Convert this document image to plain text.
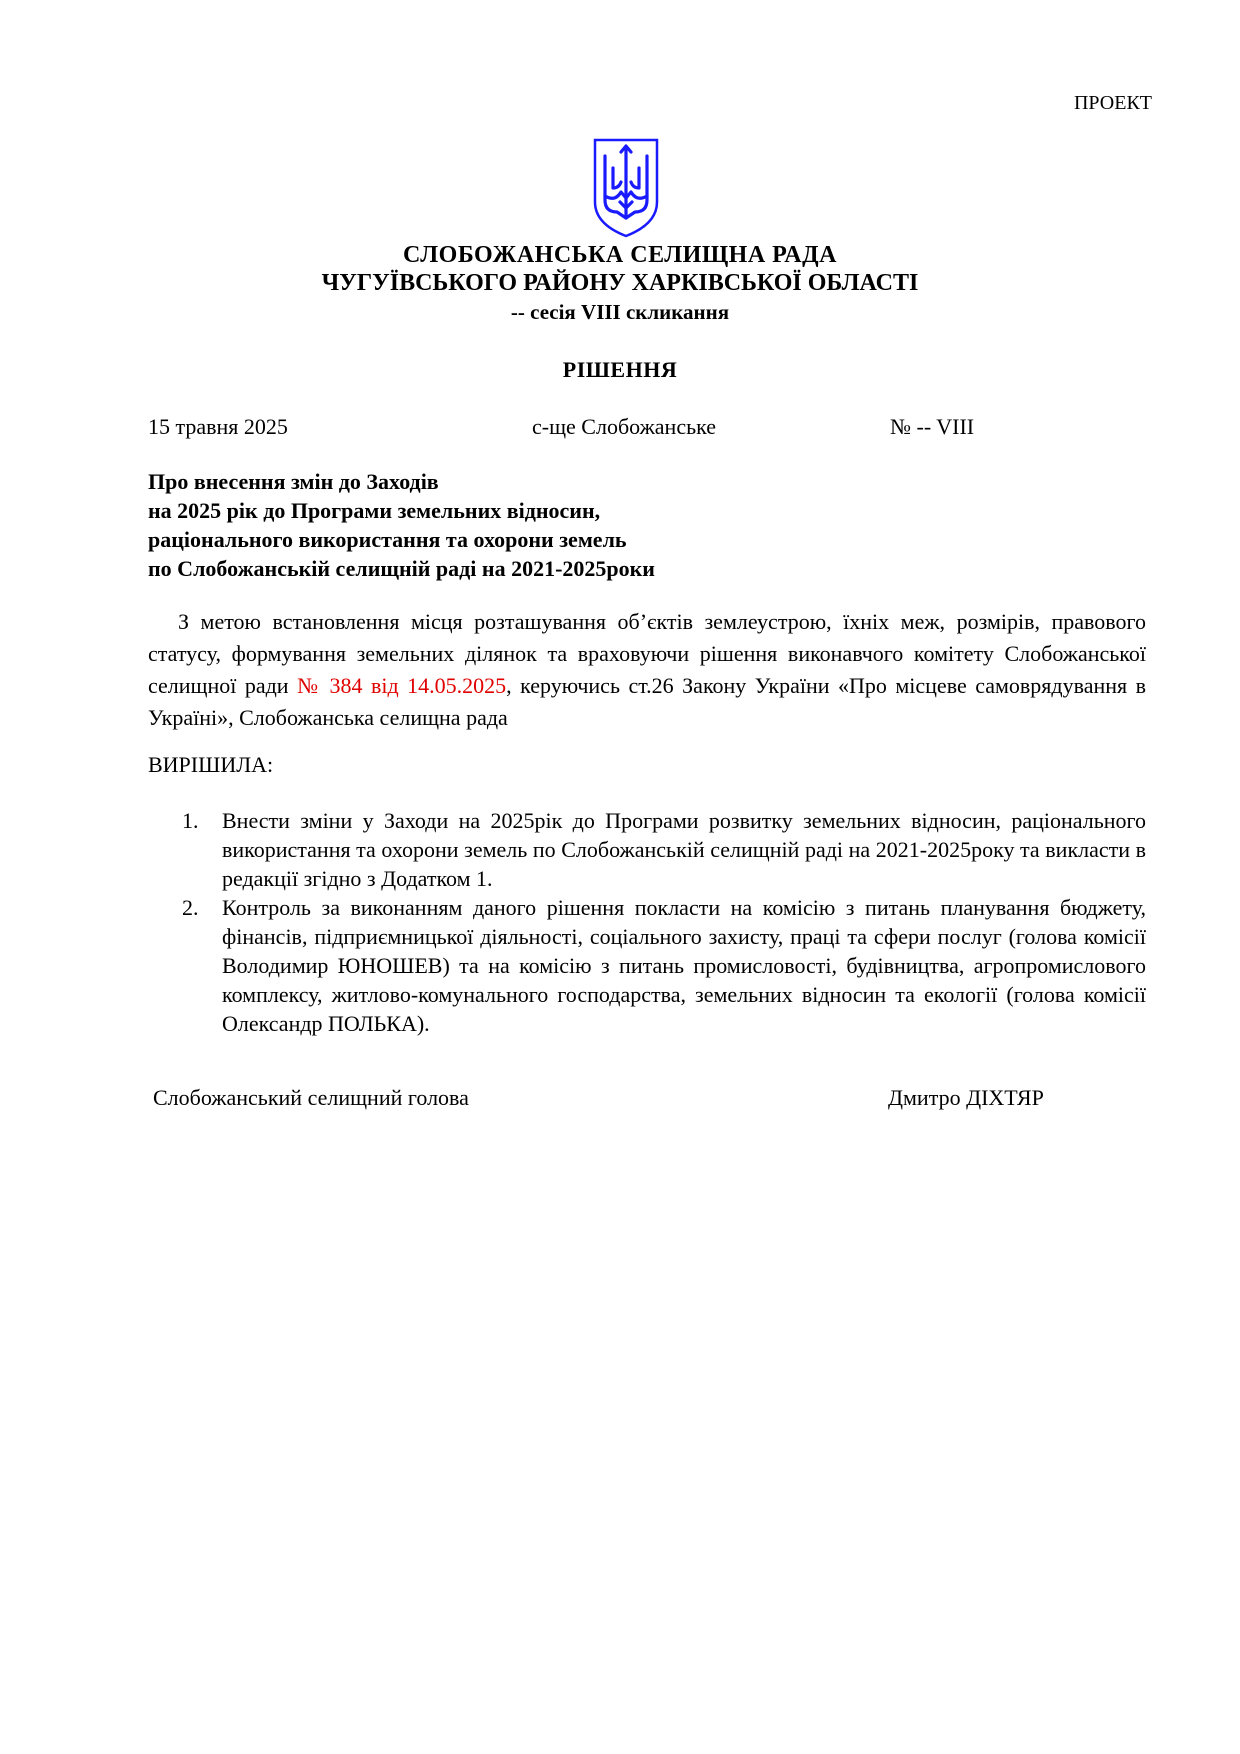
ПРОЕКТ
СЛОБОЖАНСЬКА СЕЛИЩНА РАДА
ЧУГУЇВСЬКОГО РАЙОНУ ХАРКІВСЬКОЇ ОБЛАСТІ
-- сесія VIII скликання
РІШЕННЯ
15 травня 2025	с-ще Слобожанське	№ -- VIII
Про внесення змін до Заходів
на 2025 рік до Програми земельних відносин,
раціонального використання та охорони земель
по Слобожанській селищній раді на 2021-2025роки
З метою встановлення місця розташування об’єктів землеустрою, їхніх меж, розмірів, правового статусу, формування земельних ділянок та враховуючи рішення виконавчого комітету Слобожанської селищної ради № 384 від 14.05.2025, керуючись ст.26 Закону України «Про місцеве самоврядування в Україні», Слобожанська селищна рада
ВИРІШИЛА:
1. Внести зміни у Заходи на 2025рік до Програми розвитку земельних відносин, раціонального використання та охорони земель по Слобожанській селищній раді на 2021-2025року та викласти в редакції згідно з Додатком 1.
2. Контроль за виконанням даного рішення покласти на комісію з питань планування бюджету, фінансів, підприємницької діяльності, соціального захисту, праці та сфери послуг (голова комісії Володимир ЮНОШЕВ) та на комісію з питань промисловості, будівництва, агропромислового комплексу, житлово-комунального господарства, земельних відносин та екології (голова комісії Олександр ПОЛЬКА).
Слобожанський селищний голова	Дмитро ДІХТЯР
